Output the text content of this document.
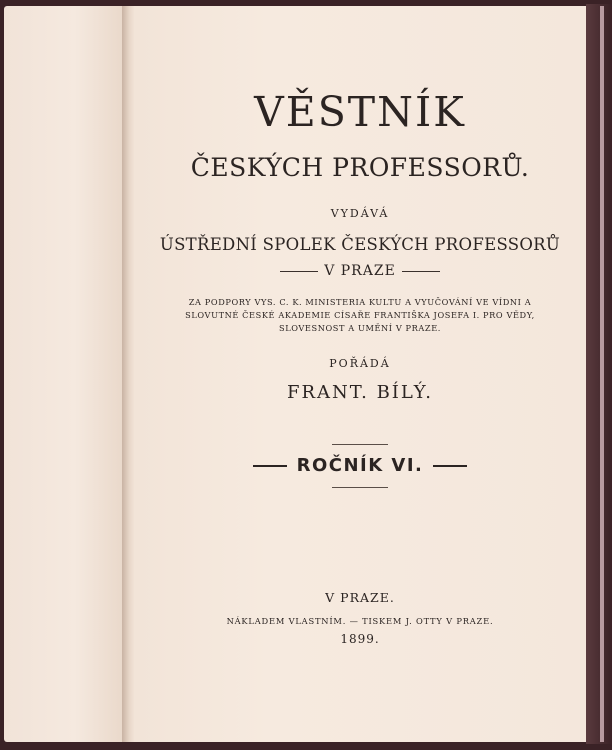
VĚSTNÍK
ČESKÝCH PROFESSORŮ.
VYDÁVÁ
ÚSTŘEDNÍ SPOLEK ČESKÝCH PROFESSORŮ
V PRAZE
ZA PODPORY VYS. C. K. MINISTERIA KULTU A VYUČOVÁNÍ VE VÍDNI A
SLOVUTNÉ ČESKÉ AKADEMIE CÍSAŘE FRANTIŠKA JOSEFA I. PRO VĚDY,
SLOVESNOST A UMĚNÍ V PRAZE.
POŘÁDÁ
FRANT. BÍLÝ.
ROČNÍK VI.
V PRAZE.
NÁKLADEM VLASTNÍM. — TISKEM J. OTTY V PRAZE.
1899.
